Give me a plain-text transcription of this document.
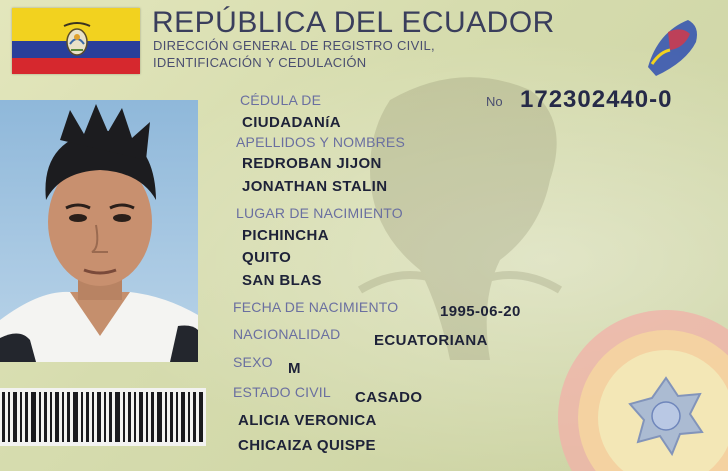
REPÚBLICA DEL ECUADOR
DIRECCIÓN GENERAL DE REGISTRO CIVIL,
IDENTIFICACIÓN Y CEDULACIÓN
No 172302440-0
CÉDULA DE
CIUDADANíA
APELLIDOS Y NOMBRES
REDROBAN JIJON
JONATHAN STALIN
LUGAR DE NACIMIENTO
PICHINCHA
QUITO
SAN BLAS
FECHA DE NACIMIENTO	1995-06-20
NACIONALIDAD ECUATORIANA
SEXO M
ESTADO CIVIL CASADO
ALICIA VERONICA
CHICAIZA QUISPE
